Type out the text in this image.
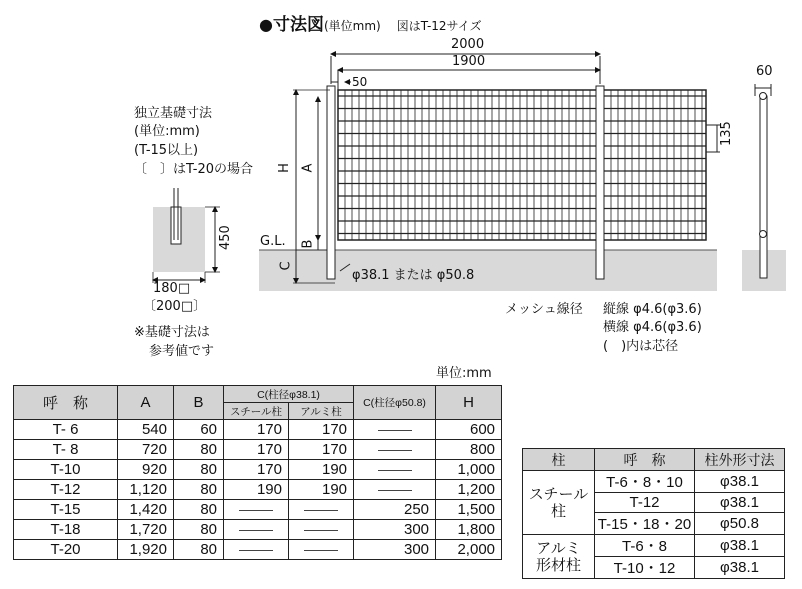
●寸法図(単位mm) 図はT-12サイズ
2000
1900
50
135
60
G.L.
H A
B
C
φ38.1 または φ50.8
独立基礎寸法
(単位:mm)
(T-15以上)
〔　〕はT-20の場合
450
180□
〔200□〕
※基礎寸法は
参考値です
メッシュ線径 縦線 φ4.6(φ3.6)
横線 φ4.6(φ3.6)
(　)内は芯径
単位:mm
呼　称	A	B	C(柱径φ38.1)		C(柱径φ50.8)	H
			スチール柱	アルミ柱		
T- 6	540	60	170	170		600
T- 8	720	80	170	170		800
T-10	920	80	170	190		1,000
T-12	1,120	80	190	190		1,200
T-15	1,420	80			250	1,500
T-18	1,720	80			300	1,800
T-20	1,920	80			300	2,000
柱	呼　称	柱外形寸法
スチール
柱	T-6・8・10	φ38.1
	T-12	φ38.1
	T-15・18・20	φ50.8
アルミ
形材柱	T-6・8	φ38.1
	T-10・12	φ38.1
